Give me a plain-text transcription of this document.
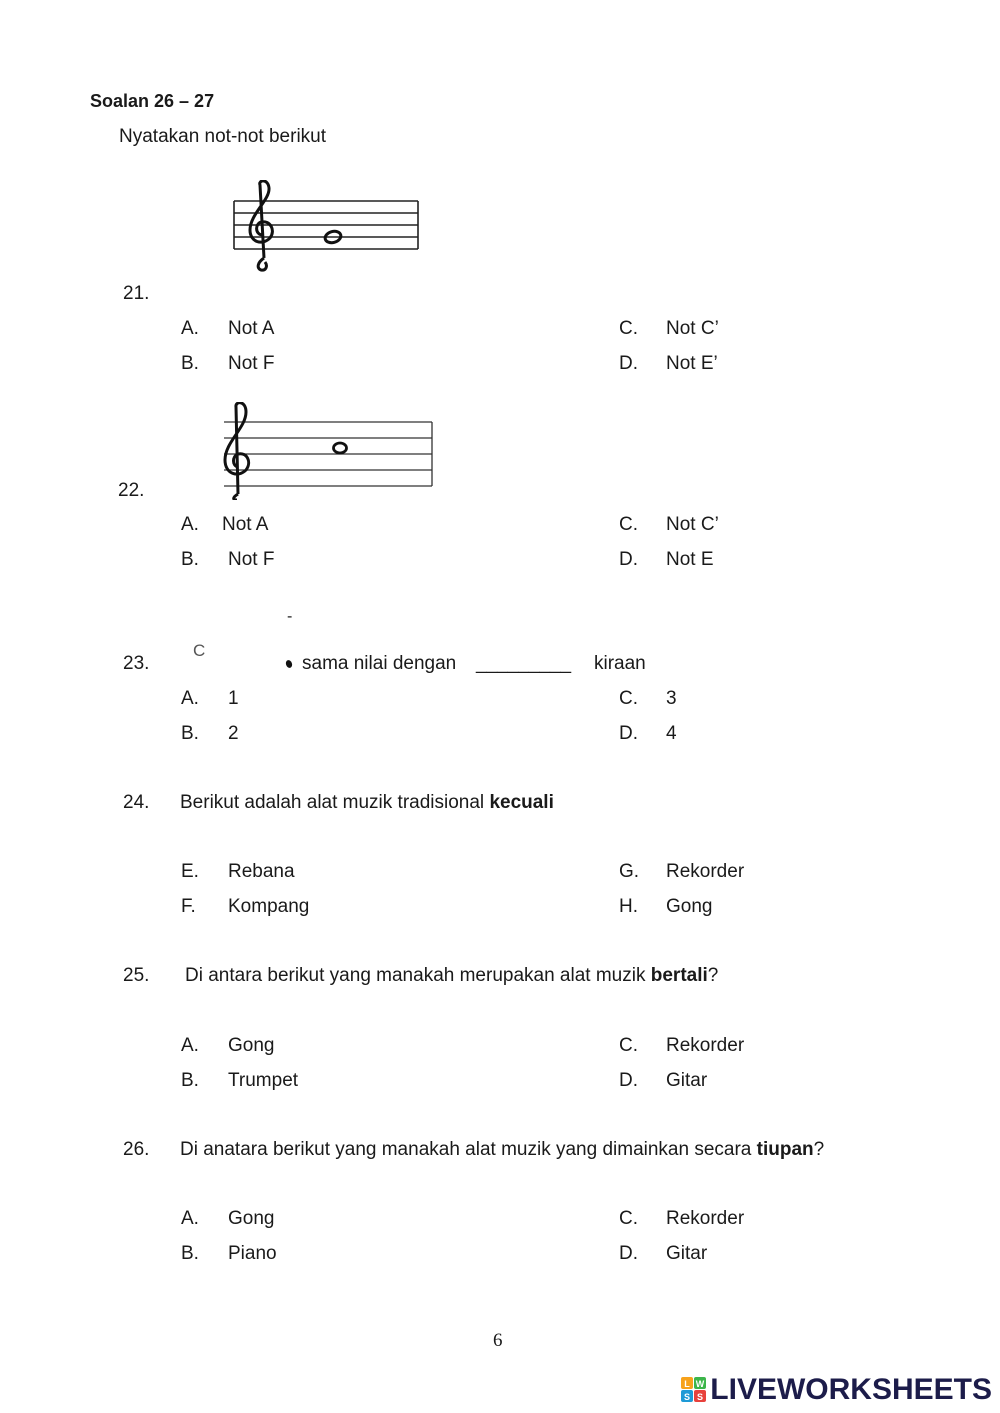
Soalan 26 – 27
Nyatakan not-not berikut
21.
A. Not A
B. Not F
C. Not C’
D. Not E’
22.
A. Not A
B. Not F
C. Not C’
D. Not E
-
23.
C
sama nilai dengan _________ kiraan
A. 1
B. 2
C. 3
D. 4
24. Berikut adalah alat muzik tradisional kecuali
E. Rebana
F. Kompang
G. Rekorder
H. Gong
25. Di antara berikut yang manakah merupakan alat muzik bertali?
A. Gong
B. Trumpet
C. Rekorder
D. Gitar
26. Di anatara berikut yang manakah alat muzik yang dimainkan secara tiupan?
A. Gong
B. Piano
C. Rekorder
D. Gitar
6
L W
S S LIVEWORKSHEETS
